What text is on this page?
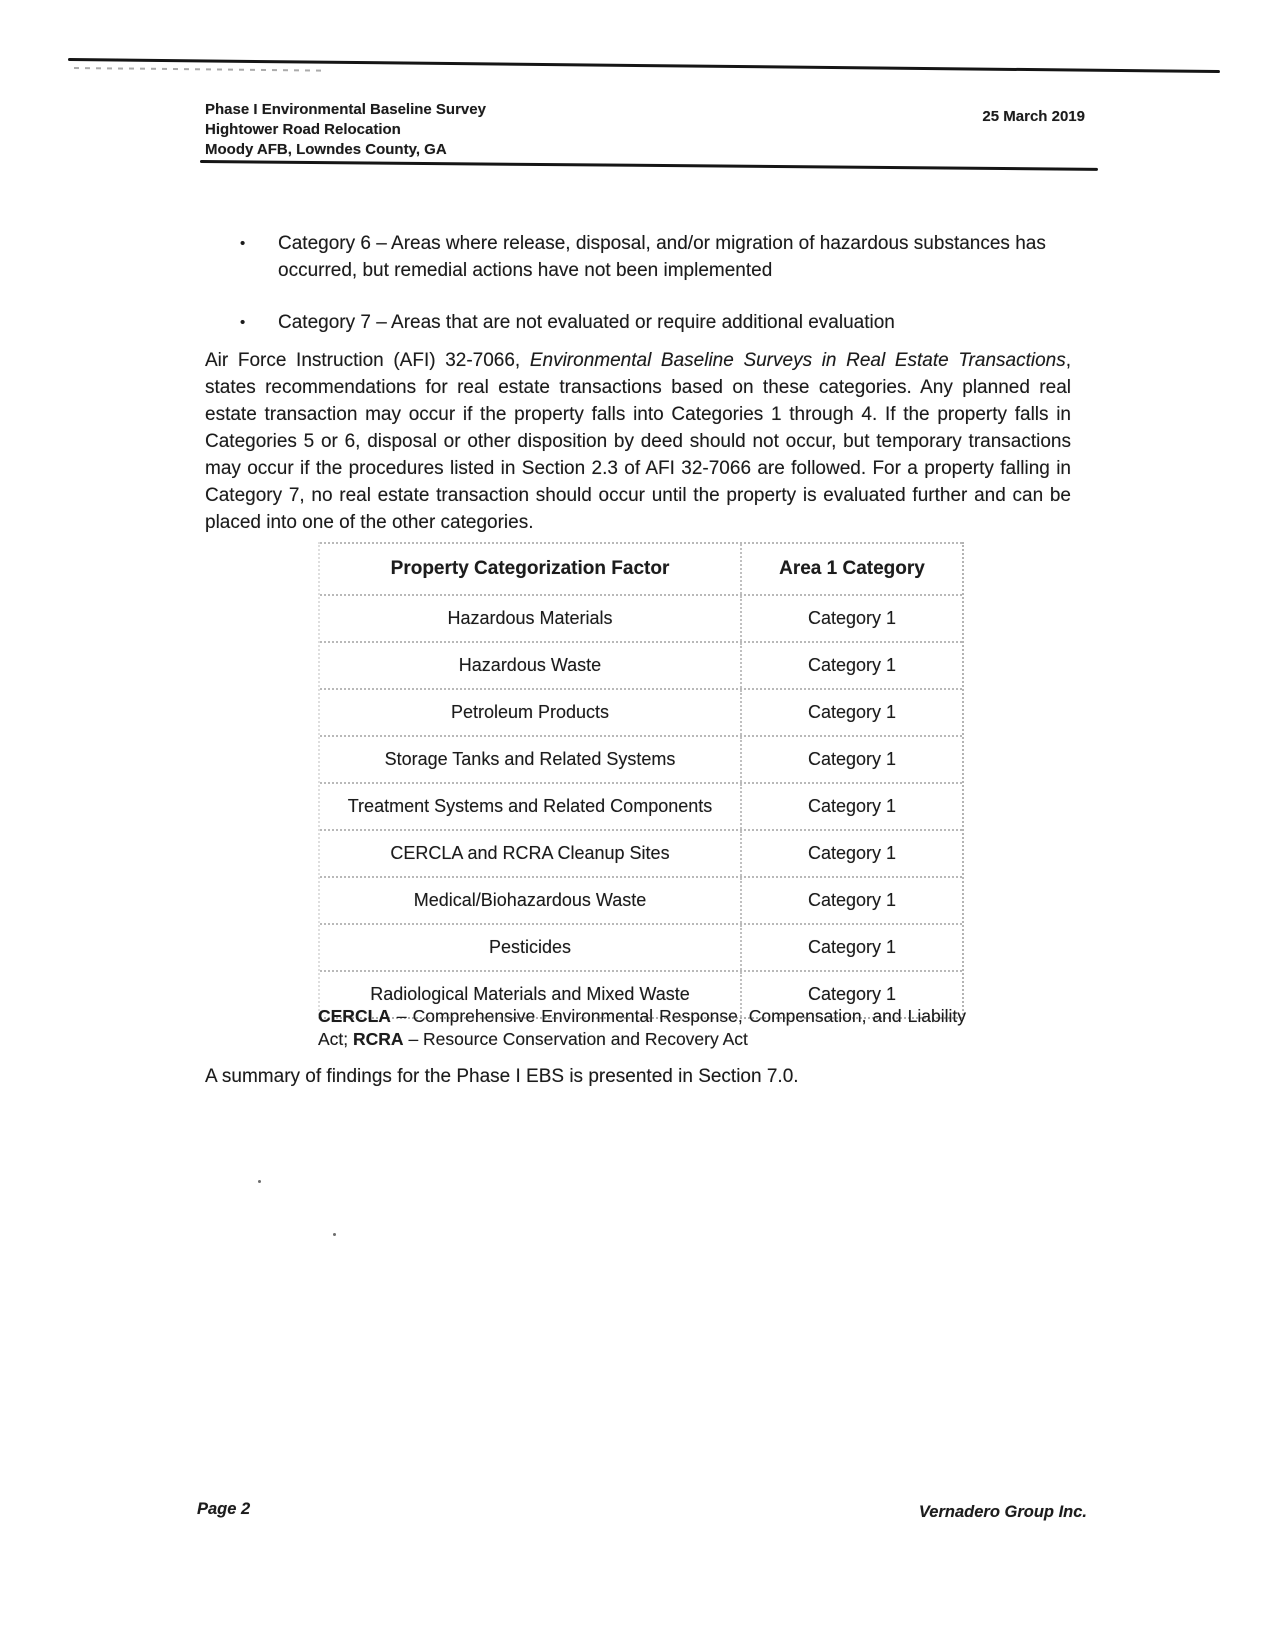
Phase I Environmental Baseline Survey
Hightower Road Relocation
Moody AFB, Lowndes County, GA
25 March 2019
•	Category 6 – Areas where release, disposal, and/or migration of hazardous substances has occurred, but remedial actions have not been implemented
•	Category 7 – Areas that are not evaluated or require additional evaluation

Air Force Instruction (AFI) 32-7066, Environmental Baseline Surveys in Real Estate Transactions, states recommendations for real estate transactions based on these categories. Any planned real estate transaction may occur if the property falls into Categories 1 through 4. If the property falls in Categories 5 or 6, disposal or other disposition by deed should not occur, but temporary transactions may occur if the procedures listed in Section 2.3 of AFI 32-7066 are followed. For a property falling in Category 7, no real estate transaction should occur until the property is evaluated further and can be placed into one of the other categories.

Property Categorization Factor	Area 1 Category
Hazardous Materials	Category 1
Hazardous Waste	Category 1
Petroleum Products	Category 1
Storage Tanks and Related Systems	Category 1
Treatment Systems and Related Components	Category 1
CERCLA and RCRA Cleanup Sites	Category 1
Medical/Biohazardous Waste	Category 1
Pesticides	Category 1
Radiological Materials and Mixed Waste	Category 1

CERCLA – Comprehensive Environmental Response, Compensation, and Liability Act; RCRA – Resource Conservation and Recovery Act

A summary of findings for the Phase I EBS is presented in Section 7.0.

Page 2	Vernadero Group Inc.
